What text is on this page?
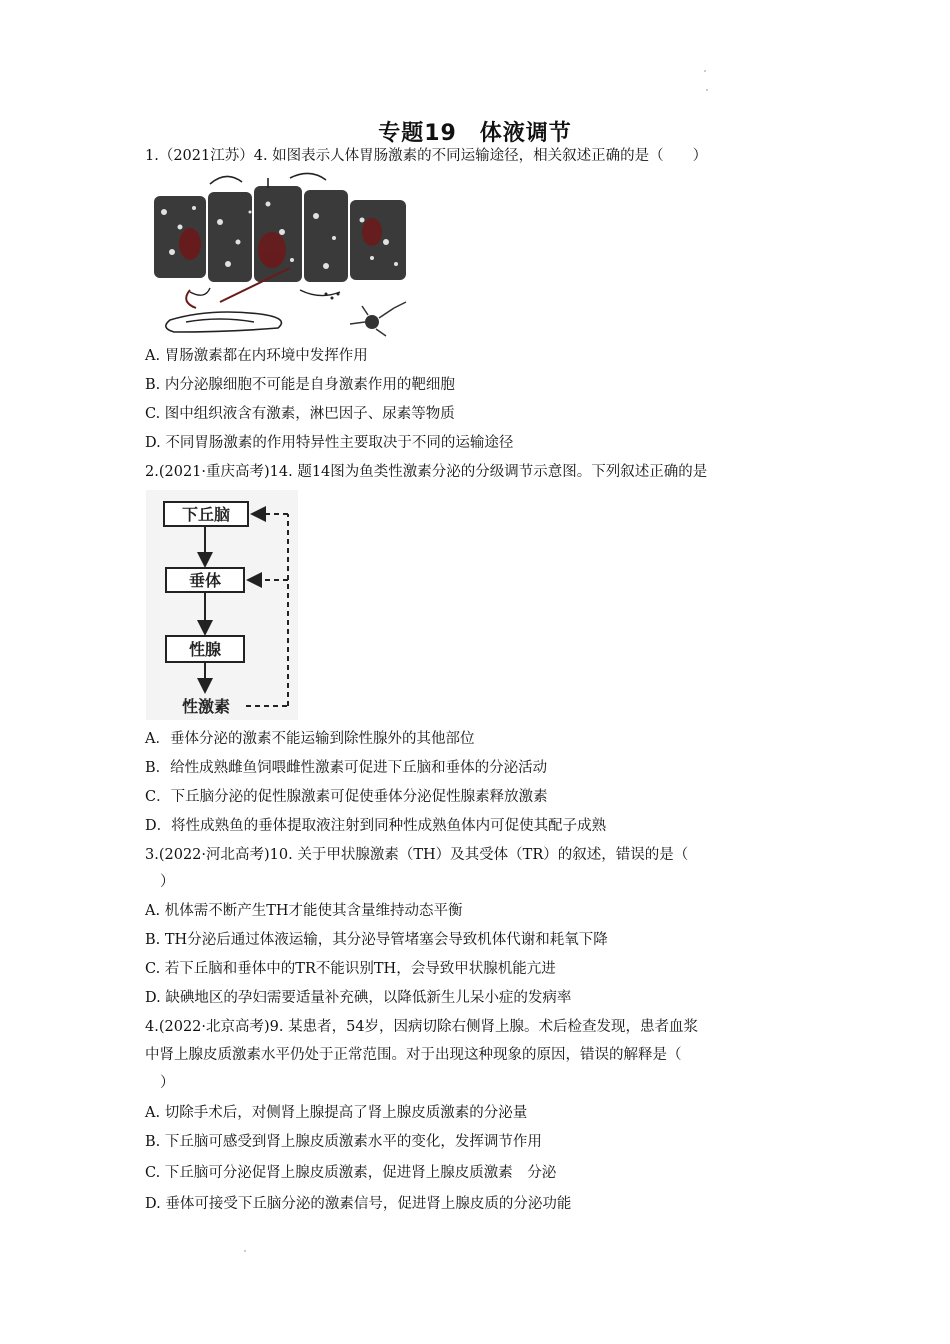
专题19　体液调节
1.（2021江苏）4. 如图表示人体胃肠激素的不同运输途径，相关叙述正确的是（　　）
A. 胃肠激素都在内环境中发挥作用
B. 内分泌腺细胞不可能是自身激素作用的靶细胞
C. 图中组织液含有激素，淋巴因子、尿素等物质
D. 不同胃肠激素的作用特异性主要取决于不同的运输途径
2.(2021·重庆高考)14. 题14图为鱼类性激素分泌的分级调节示意图。下列叙述正确的是
下丘脑
垂体
性腺
性激素
A．垂体分泌的激素不能运输到除性腺外的其他部位
B．给性成熟雌鱼饲喂雌性激素可促进下丘脑和垂体的分泌活动
C．下丘脑分泌的促性腺激素可促使垂体分泌促性腺素释放激素
D．将性成熟鱼的垂体提取液注射到同种性成熟鱼体内可促使其配子成熟
3.(2022·河北高考)10. 关于甲状腺激素（TH）及其受体（TR）的叙述，错误的是（
）
A. 机体需不断产生TH才能使其含量维持动态平衡
B. TH分泌后通过体液运输，其分泌导管堵塞会导致机体代谢和耗氧下降
C. 若下丘脑和垂体中的TR不能识别TH，会导致甲状腺机能亢进
D. 缺碘地区的孕妇需要适量补充碘，以降低新生儿呆小症的发病率
4.(2022·北京高考)9. 某患者，54岁，因病切除右侧肾上腺。术后检查发现，患者血浆
中肾上腺皮质激素水平仍处于正常范围。对于出现这种现象的原因，错误的解释是（
）
A. 切除手术后，对侧肾上腺提高了肾上腺皮质激素的分泌量
B. 下丘脑可感受到肾上腺皮质激素水平的变化，发挥调节作用
C. 下丘脑可分泌促肾上腺皮质激素，促进肾上腺皮质激素　分泌
D. 垂体可接受下丘脑分泌的激素信号，促进肾上腺皮质的分泌功能
